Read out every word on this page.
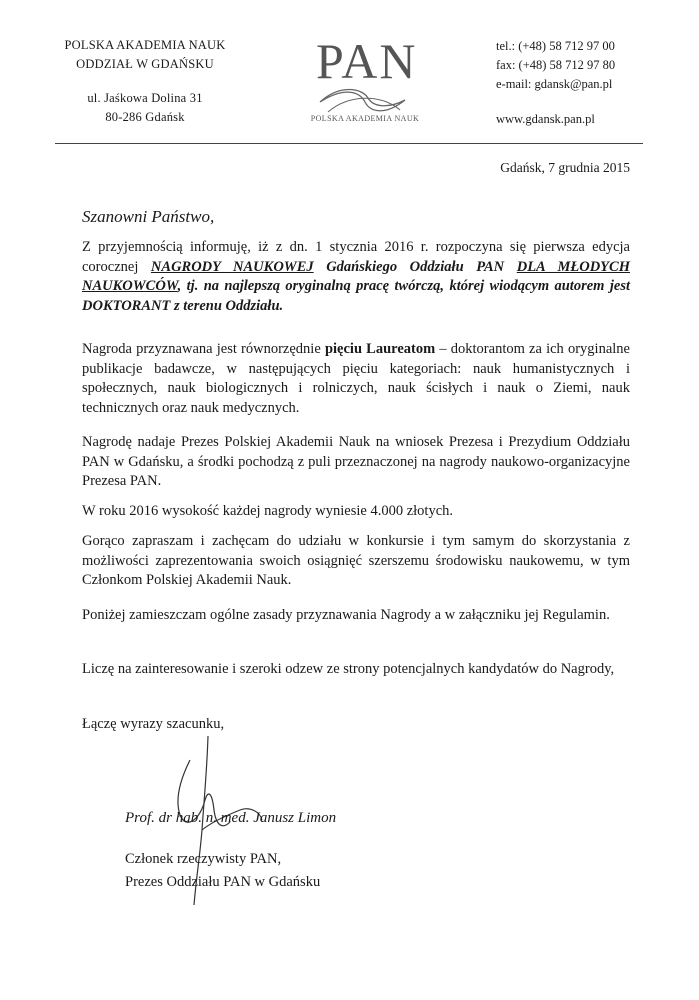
POLSKA AKADEMIA NAUK
ODDZIAŁ W GDAŃSKU
ul. Jaśkowa Dolina 31
80-286 Gdańsk
PAN
POLSKA AKADEMIA NAUK
tel.: (+48) 58 712 97 00
fax: (+48) 58 712 97 80
e-mail: gdansk@pan.pl
www.gdansk.pan.pl
Gdańsk, 7 grudnia 2015
Szanowni Państwo,
Z przyjemnością informuję, iż z dn. 1 stycznia 2016 r. rozpoczyna się pierwsza edycja corocznej NAGRODY NAUKOWEJ Gdańskiego Oddziału PAN DLA MŁODYCH NAUKOWCÓW, tj. na najlepszą oryginalną pracę twórczą, której wiodącym autorem jest DOKTORANT z terenu Oddziału.
Nagroda przyznawana jest równorzędnie pięciu Laureatom – doktorantom za ich oryginalne publikacje badawcze, w następujących pięciu kategoriach: nauk humanistycznych i społecznych, nauk biologicznych i rolniczych, nauk ścisłych i nauk o Ziemi, nauk technicznych oraz nauk medycznych.
Nagrodę nadaje Prezes Polskiej Akademii Nauk na wniosek Prezesa i Prezydium Oddziału PAN w Gdańsku, a środki pochodzą z puli przeznaczonej na nagrody naukowo-organizacyjne Prezesa PAN.
W roku 2016 wysokość każdej nagrody wyniesie 4.000 złotych.
Gorąco zapraszam i zachęcam do udziału w konkursie i tym samym do skorzystania z możliwości zaprezentowania swoich osiągnięć szerszemu środowisku naukowemu, w tym Członkom Polskiej Akademii Nauk.
Poniżej zamieszczam ogólne zasady przyznawania Nagrody a w załączniku jej Regulamin.
Liczę na zainteresowanie i szeroki odzew ze strony potencjalnych kandydatów do Nagrody,
Łączę wyrazy szacunku,
Prof. dr hab. n. med. Janusz Limon
Członek rzeczywisty PAN,
Prezes Oddziału PAN w Gdańsku
